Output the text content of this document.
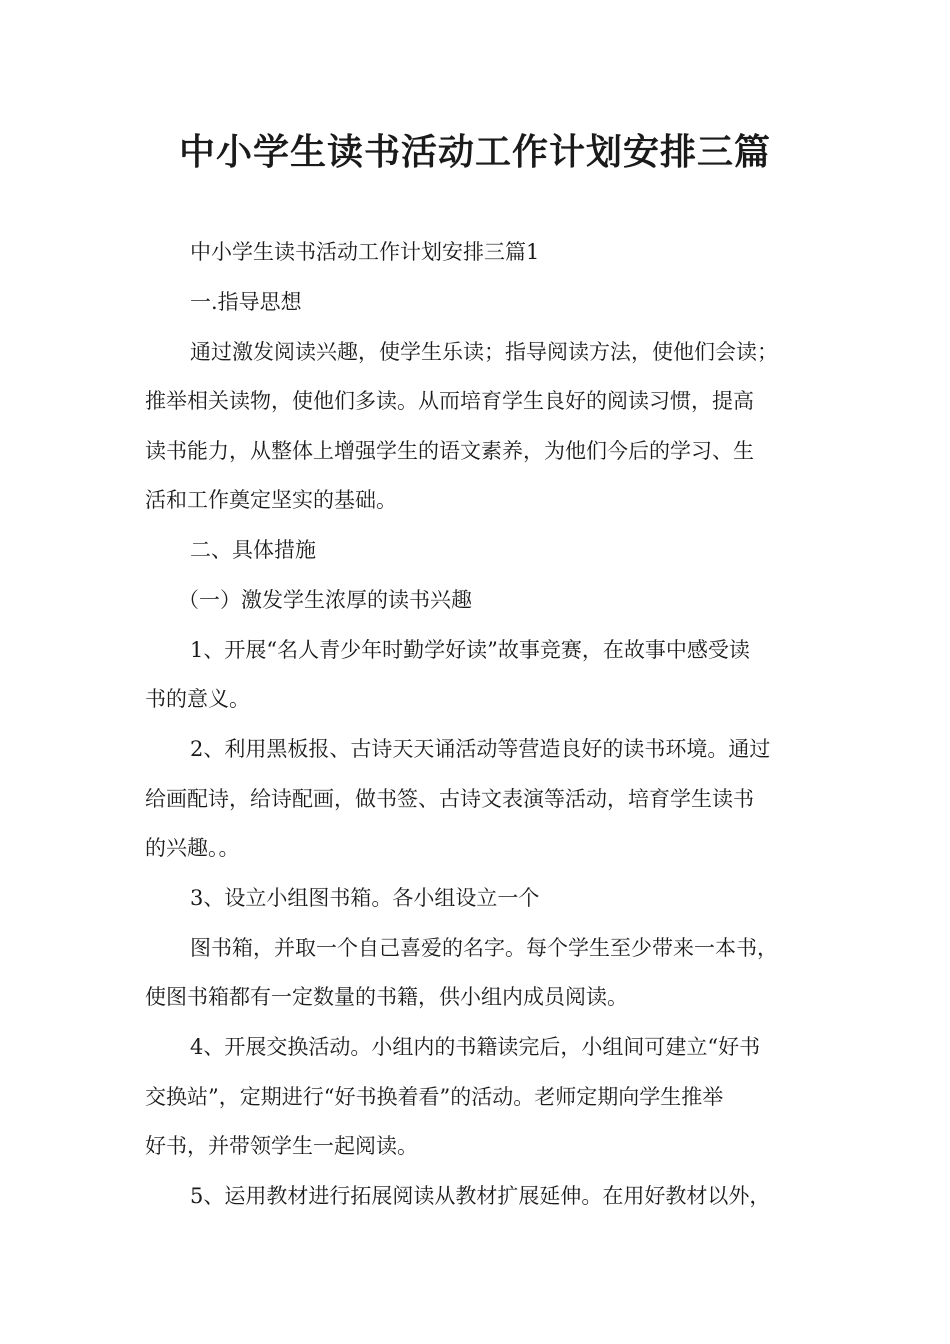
中小学生读书活动工作计划安排三篇

中小学生读书活动工作计划安排三篇1

一.指导思想

通过激发阅读兴趣，使学生乐读；指导阅读方法，使他们会读；

推举相关读物，使他们多读。从而培育学生良好的阅读习惯，提高

读书能力，从整体上增强学生的语文素养，为他们今后的学习、生

活和工作奠定坚实的基础。

二、具体措施

（一）激发学生浓厚的读书兴趣

1、开展“名人青少年时勤学好读”故事竞赛，在故事中感受读

书的意义。

2、利用黑板报、古诗天天诵活动等营造良好的读书环境。通过

给画配诗，给诗配画，做书签、古诗文表演等活动，培育学生读书

的兴趣。。

3、设立小组图书箱。各小组设立一个

图书箱，并取一个自己喜爱的名字。每个学生至少带来一本书，

使图书箱都有一定数量的书籍，供小组内成员阅读。

4、开展交换活动。小组内的书籍读完后，小组间可建立“好书

交换站”，定期进行“好书换着看”的活动。老师定期向学生推举

好书，并带领学生一起阅读。

5、运用教材进行拓展阅读从教材扩展延伸。在用好教材以外，
